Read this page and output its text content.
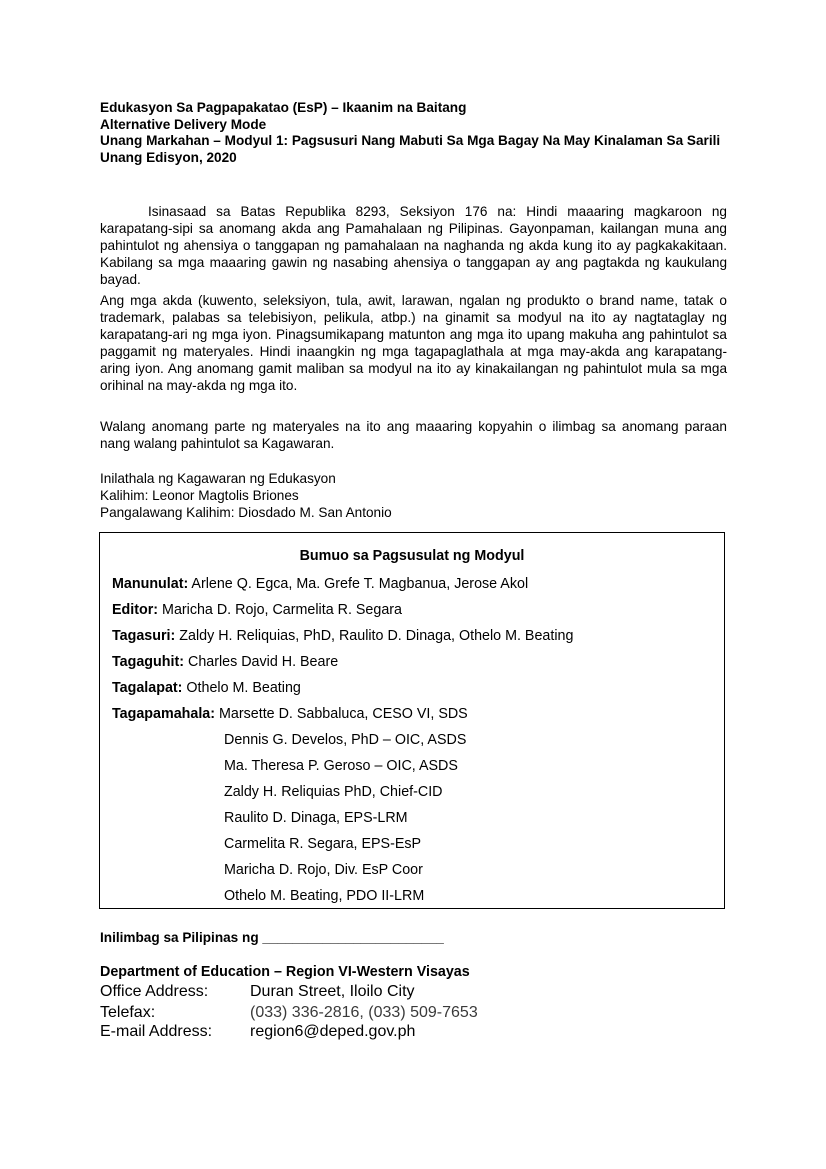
Edukasyon Sa Pagpapakatao (EsP) – Ikaanim na Baitang
Alternative Delivery Mode
Unang Markahan – Modyul 1: Pagsusuri Nang Mabuti Sa Mga Bagay Na May Kinalaman Sa Sarili
Unang Edisyon, 2020

Isinasaad sa Batas Republika 8293, Seksiyon 176 na: Hindi maaaring magkaroon ng karapatang-sipi sa anomang akda ang Pamahalaan ng Pilipinas. Gayonpaman, kailangan muna ang pahintulot ng ahensiya o tanggapan ng pamahalaan na naghanda ng akda kung ito ay pagkakakitaan. Kabilang sa mga maaaring gawin ng nasabing ahensiya o tanggapan ay ang pagtakda ng kaukulang bayad.

Ang mga akda (kuwento, seleksiyon, tula, awit, larawan, ngalan ng produkto o brand name, tatak o trademark, palabas sa telebisiyon, pelikula, atbp.) na ginamit sa modyul na ito ay nagtataglay ng karapatang-ari ng mga iyon. Pinagsumikapang matunton ang mga ito upang makuha ang pahintulot sa paggamit ng materyales. Hindi inaangkin ng mga tagapaglathala at mga may-akda ang karapatang-aring iyon. Ang anomang gamit maliban sa modyul na ito ay kinakailangan ng pahintulot mula sa mga orihinal na may-akda ng mga ito.

Walang anomang parte ng materyales na ito ang maaaring kopyahin o ilimbag sa anomang paraan nang walang pahintulot sa Kagawaran.

Inilathala ng Kagawaran ng Edukasyon
Kalihim: Leonor Magtolis Briones
Pangalawang Kalihim: Diosdado M. San Antonio
Bumuo sa Pagsusulat ng Modyul
Manunulat: Arlene Q. Egca, Ma. Grefe T. Magbanua, Jerose Akol
Editor: Maricha D. Rojo, Carmelita R. Segara
Tagasuri: Zaldy H. Reliquias, PhD, Raulito D. Dinaga, Othelo M. Beating
Tagaguhit: Charles David H. Beare
Tagalapat: Othelo M. Beating
Tagapamahala: Marsette D. Sabbaluca, CESO VI, SDS
Dennis G. Develos, PhD – OIC, ASDS
Ma. Theresa P. Geroso – OIC, ASDS
Zaldy H. Reliquias PhD, Chief-CID
Raulito D. Dinaga, EPS-LRM
Carmelita R. Segara, EPS-EsP
Maricha D. Rojo, Div. EsP Coor
Othelo M. Beating, PDO II-LRM
Inilimbag sa Pilipinas ng ________________________
Department of Education – Region VI-Western Visayas
Office Address:	Duran Street, Iloilo City
Telefax:	(033) 336-2816, (033) 509-7653
E-mail Address: region6@deped.gov.ph
